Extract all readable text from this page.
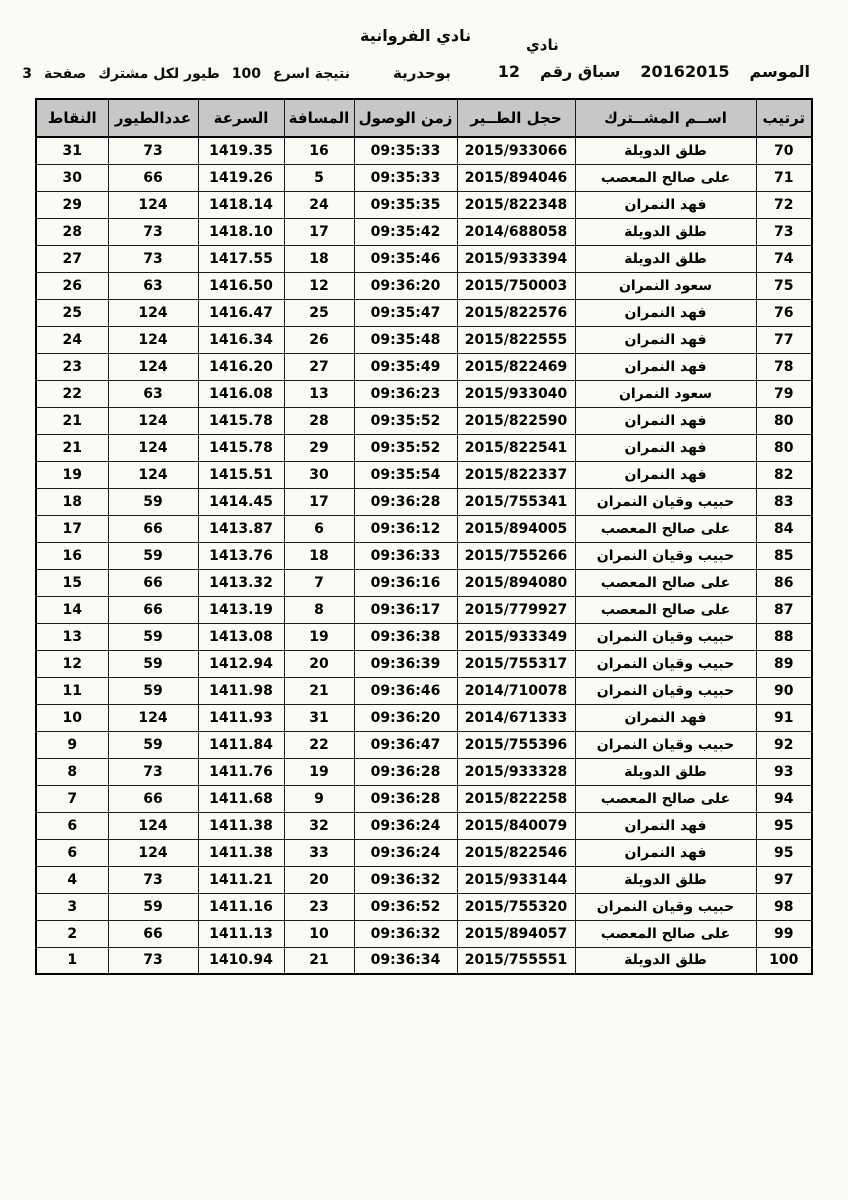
نادي الفروانية	نادي
الموسم
20162015
سباق رقم
12
بوحدرية
نتيجة اسرع
100
طيور لكل مشترك
صفحة
3
ترتيب	اســم المشــترك	حجل الطــير	زمن الوصول	المسافة	السرعة	عددالطيور	النقاط
70	طلق الدويلة	2015/933066	09:35:33	16	1419.35	73	31
71	على صالح المعصب	2015/894046	09:35:33	5	1419.26	66	30
72	فهد النمران	2015/822348	09:35:35	24	1418.14	124	29
73	طلق الدويلة	2014/688058	09:35:42	17	1418.10	73	28
74	طلق الدويلة	2015/933394	09:35:46	18	1417.55	73	27
75	سعود النمران	2015/750003	09:36:20	12	1416.50	63	26
76	فهد النمران	2015/822576	09:35:47	25	1416.47	124	25
77	فهد النمران	2015/822555	09:35:48	26	1416.34	124	24
78	فهد النمران	2015/822469	09:35:49	27	1416.20	124	23
79	سعود النمران	2015/933040	09:36:23	13	1416.08	63	22
80	فهد النمران	2015/822590	09:35:52	28	1415.78	124	21
80	فهد النمران	2015/822541	09:35:52	29	1415.78	124	21
82	فهد النمران	2015/822337	09:35:54	30	1415.51	124	19
83	حبيب وقيان النمران	2015/755341	09:36:28	17	1414.45	59	18
84	على صالح المعصب	2015/894005	09:36:12	6	1413.87	66	17
85	حبيب وقيان النمران	2015/755266	09:36:33	18	1413.76	59	16
86	على صالح المعصب	2015/894080	09:36:16	7	1413.32	66	15
87	على صالح المعصب	2015/779927	09:36:17	8	1413.19	66	14
88	حبيب وقيان النمران	2015/933349	09:36:38	19	1413.08	59	13
89	حبيب وقيان النمران	2015/755317	09:36:39	20	1412.94	59	12
90	حبيب وقيان النمران	2014/710078	09:36:46	21	1411.98	59	11
91	فهد النمران	2014/671333	09:36:20	31	1411.93	124	10
92	حبيب وقيان النمران	2015/755396	09:36:47	22	1411.84	59	9
93	طلق الدويلة	2015/933328	09:36:28	19	1411.76	73	8
94	على صالح المعصب	2015/822258	09:36:28	9	1411.68	66	7
95	فهد النمران	2015/840079	09:36:24	32	1411.38	124	6
95	فهد النمران	2015/822546	09:36:24	33	1411.38	124	6
97	طلق الدويلة	2015/933144	09:36:32	20	1411.21	73	4
98	حبيب وقيان النمران	2015/755320	09:36:52	23	1411.16	59	3
99	على صالح المعصب	2015/894057	09:36:32	10	1411.13	66	2
100	طلق الدويلة	2015/755551	09:36:34	21	1410.94	73	1
